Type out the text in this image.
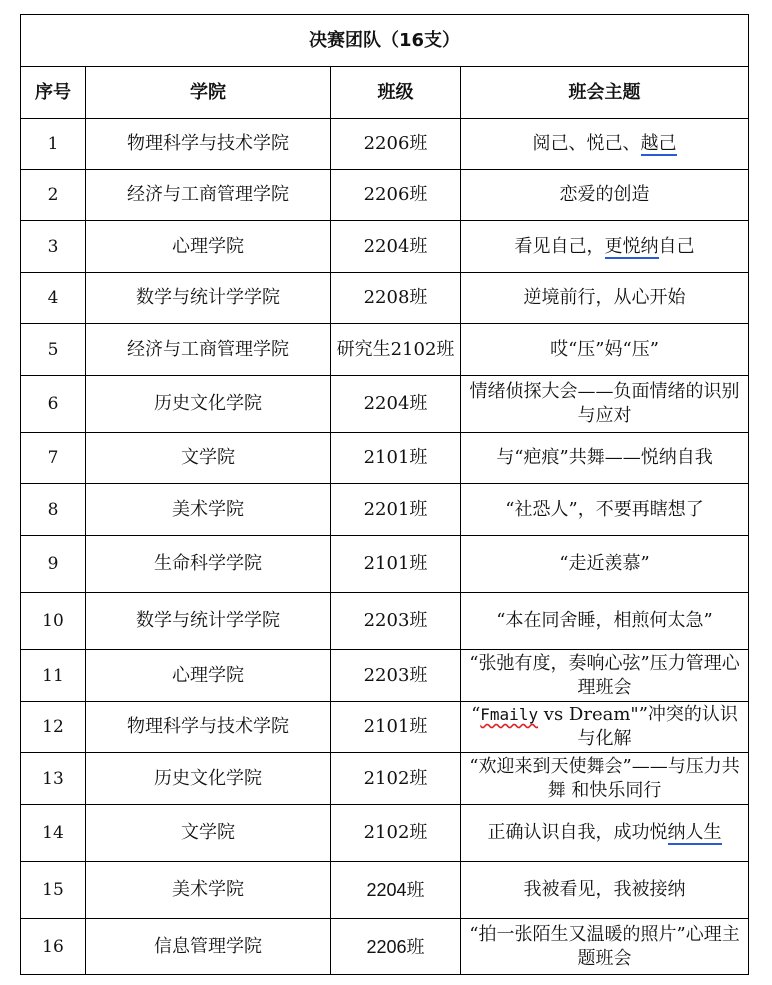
决赛团队（16支）			
序号	学院	班级	班会主题
1	物理科学与技术学院	2206班	阅己、悦己、越己
2	经济与工商管理学院	2206班	恋爱的创造
3	心理学院	2204班	看见自己，更悦纳自己
4	数学与统计学学院	2208班	逆境前行，从心开始
5	经济与工商管理学院	研究生2102班	哎“压”妈“压”
6	历史文化学院	2204班	情绪侦探大会——负面情绪的识别与应对
7	文学院	2101班	与“疤痕”共舞——悦纳自我
8	美术学院	2201班	“社恐人”，不要再瞎想了
9	生命科学学院	2101班	“走近羡慕”
10	数学与统计学学院	2203班	“本在同舍睡，相煎何太急”
11	心理学院	2203班	“张弛有度，奏响心弦”压力管理心理班会
12	物理科学与技术学院	2101班	“Fmaily vs Dream"”冲突的认识与化解
13	历史文化学院	2102班	“欢迎来到天使舞会”——与压力共舞 和快乐同行
14	文学院	2102班	正确认识自我，成功悦纳人生
15	美术学院	2204班	我被看见，我被接纳
16	信息管理学院	2206班	“拍一张陌生又温暖的照片”心理主题班会
